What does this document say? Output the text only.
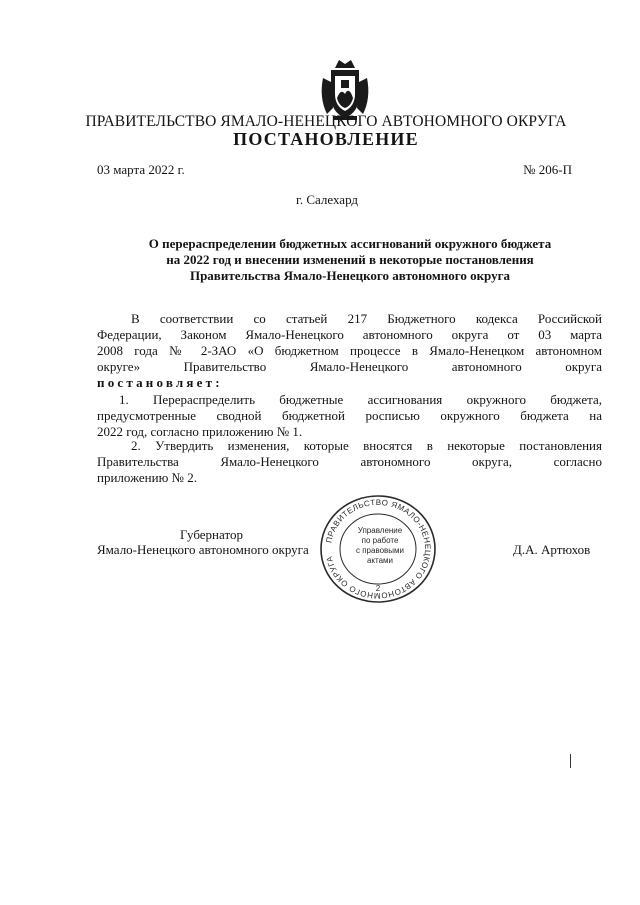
ПРАВИТЕЛЬСТВО ЯМАЛО-НЕНЕЦКОГО АВТОНОМНОГО ОКРУГА
ПОСТАНОВЛЕНИЕ
03 марта 2022 г.	№ 206-П
г. Салехард
О перераспределении бюджетных ассигнований окружного бюджета
на 2022 год и внесении изменений в некоторые постановления
Правительства Ямало-Ненецкого автономного округа
В соответствии со статьей 217 Бюджетного кодекса Российской
Федерации, Законом Ямало-Ненецкого автономного округа от 03 марта
2008 года № 2-ЗАО «О бюджетном процессе в Ямало-Ненецком автономном
округе» Правительство Ямало-Ненецкого автономного округа
постановляет:
1. Перераспределить бюджетные ассигнования окружного бюджета,
предусмотренные сводной бюджетной росписью окружного бюджета на
2022 год, согласно приложению № 1.
2. Утвердить изменения, которые вносятся в некоторые постановления
Правительства Ямало-Ненецкого автономного округа, согласно
приложению № 2.
Губернатор
Ямало-Ненецкого автономного округа	Д.А. Артюхов
ПРАВИТЕЛЬСТВО ЯМАЛО-НЕНЕЦКОГО АВТОНОМНОГО ОКРУГА
Управление
по работе
с правовыми
актами
2
